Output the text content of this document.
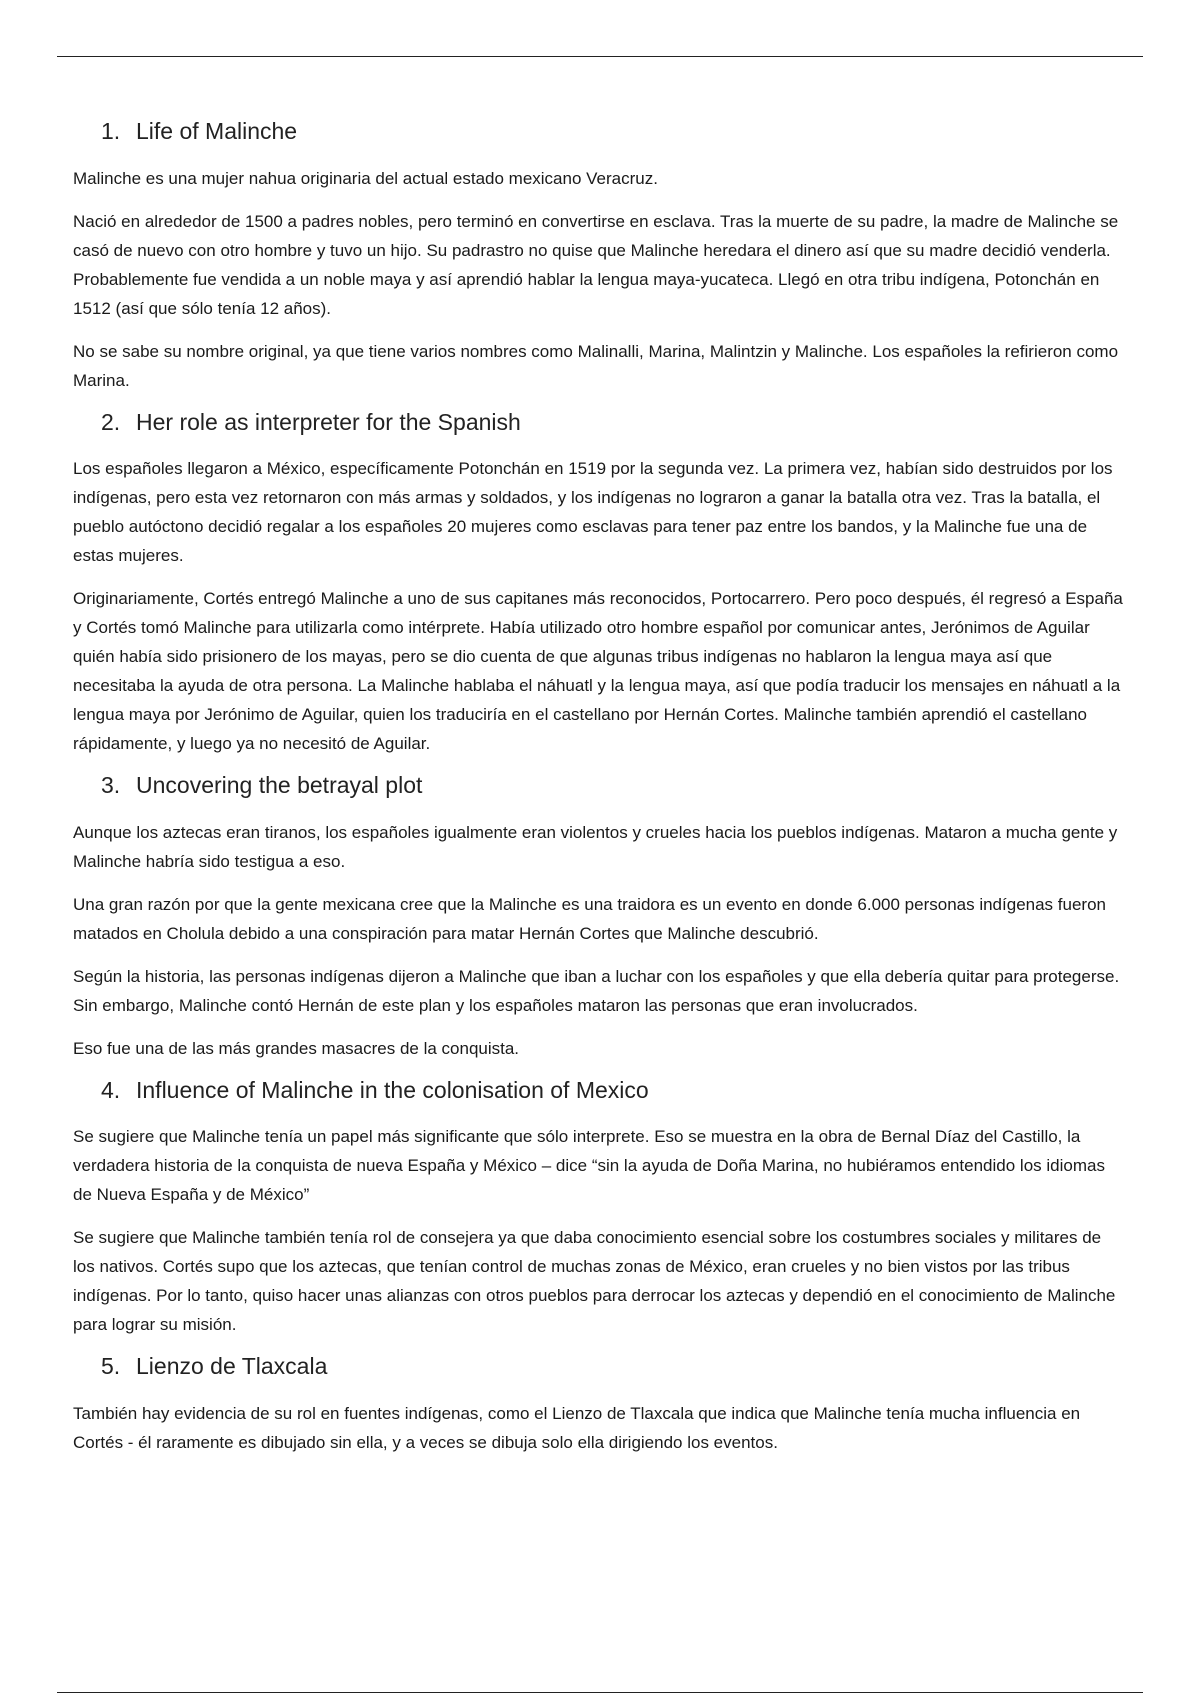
1. Life of Malinche

Malinche es una mujer nahua originaria del actual estado mexicano Veracruz.

Nació en alrededor de 1500 a padres nobles, pero terminó en convertirse en esclava. Tras la muerte de su padre, la madre de Malinche se casó de nuevo con otro hombre y tuvo un hijo. Su padrastro no quise que Malinche heredara el dinero así que su madre decidió venderla. Probablemente fue vendida a un noble maya y así aprendió hablar la lengua maya-yucateca. Llegó en otra tribu indígena, Potonchán en 1512 (así que sólo tenía 12 años).

No se sabe su nombre original, ya que tiene varios nombres como Malinalli, Marina, Malintzin y Malinche. Los españoles la refirieron como Marina.

2. Her role as interpreter for the Spanish

Los españoles llegaron a México, específicamente Potonchán en 1519 por la segunda vez. La primera vez, habían sido destruidos por los indígenas, pero esta vez retornaron con más armas y soldados, y los indígenas no lograron a ganar la batalla otra vez. Tras la batalla, el pueblo autóctono decidió regalar a los españoles 20 mujeres como esclavas para tener paz entre los bandos, y la Malinche fue una de estas mujeres.

Originariamente, Cortés entregó Malinche a uno de sus capitanes más reconocidos, Portocarrero. Pero poco después, él regresó a España y Cortés tomó Malinche para utilizarla como intérprete. Había utilizado otro hombre español por comunicar antes, Jerónimos de Aguilar quién había sido prisionero de los mayas, pero se dio cuenta de que algunas tribus indígenas no hablaron la lengua maya así que necesitaba la ayuda de otra persona. La Malinche hablaba el náhuatl y la lengua maya, así que podía traducir los mensajes en náhuatl a la lengua maya por Jerónimo de Aguilar, quien los traduciría en el castellano por Hernán Cortes. Malinche también aprendió el castellano rápidamente, y luego ya no necesitó de Aguilar.

3. Uncovering the betrayal plot

Aunque los aztecas eran tiranos, los españoles igualmente eran violentos y crueles hacia los pueblos indígenas. Mataron a mucha gente y Malinche habría sido testigua a eso.

Una gran razón por que la gente mexicana cree que la Malinche es una traidora es un evento en donde 6.000 personas indígenas fueron matados en Cholula debido a una conspiración para matar Hernán Cortes que Malinche descubrió.

Según la historia, las personas indígenas dijeron a Malinche que iban a luchar con los españoles y que ella debería quitar para protegerse. Sin embargo, Malinche contó Hernán de este plan y los españoles mataron las personas que eran involucrados.

Eso fue una de las más grandes masacres de la conquista.

4. Influence of Malinche in the colonisation of Mexico

Se sugiere que Malinche tenía un papel más significante que sólo interprete. Eso se muestra en la obra de Bernal Díaz del Castillo, la verdadera historia de la conquista de nueva España y México – dice “sin la ayuda de Doña Marina, no hubiéramos entendido los idiomas de Nueva España y de México”

Se sugiere que Malinche también tenía rol de consejera ya que daba conocimiento esencial sobre los costumbres sociales y militares de los nativos. Cortés supo que los aztecas, que tenían control de muchas zonas de México, eran crueles y no bien vistos por las tribus indígenas. Por lo tanto, quiso hacer unas alianzas con otros pueblos para derrocar los aztecas y dependió en el conocimiento de Malinche para lograr su misión.

5. Lienzo de Tlaxcala

También hay evidencia de su rol en fuentes indígenas, como el Lienzo de Tlaxcala que indica que Malinche tenía mucha influencia en Cortés - él raramente es dibujado sin ella, y a veces se dibuja solo ella dirigiendo los eventos.
